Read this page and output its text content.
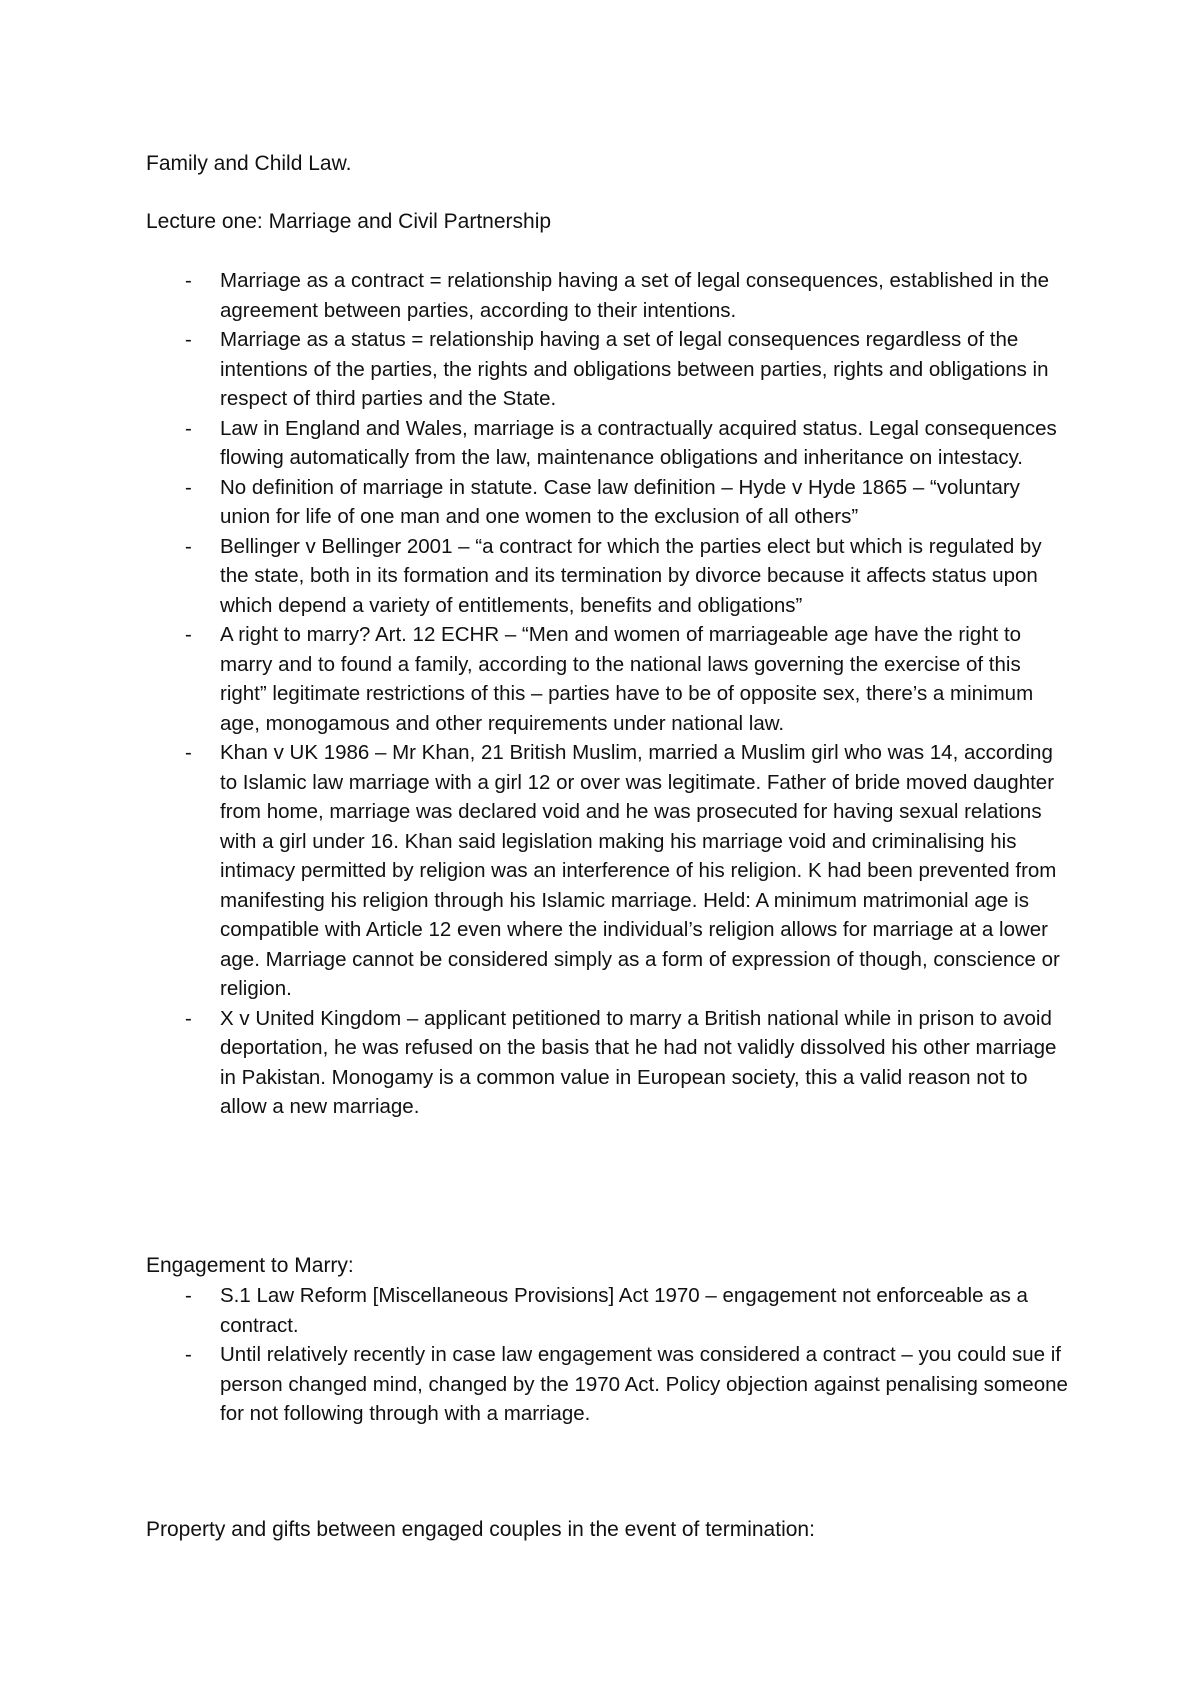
Family and Child Law.
Lecture one: Marriage and Civil Partnership
- Marriage as a contract = relationship having a set of legal consequences, established in the agreement between parties, according to their intentions.
- Marriage as a status = relationship having a set of legal consequences regardless of the intentions of the parties, the rights and obligations between parties, rights and obligations in respect of third parties and the State.
- Law in England and Wales, marriage is a contractually acquired status. Legal consequences flowing automatically from the law, maintenance obligations and inheritance on intestacy.
- No definition of marriage in statute. Case law definition – Hyde v Hyde 1865 – “voluntary union for life of one man and one women to the exclusion of all others”
- Bellinger v Bellinger 2001 – “a contract for which the parties elect but which is regulated by the state, both in its formation and its termination by divorce because it affects status upon which depend a variety of entitlements, benefits and obligations”
- A right to marry? Art. 12 ECHR – “Men and women of marriageable age have the right to marry and to found a family, according to the national laws governing the exercise of this right” legitimate restrictions of this – parties have to be of opposite sex, there’s a minimum age, monogamous and other requirements under national law.
- Khan v UK 1986 – Mr Khan, 21 British Muslim, married a Muslim girl who was 14, according to Islamic law marriage with a girl 12 or over was legitimate. Father of bride moved daughter from home, marriage was declared void and he was prosecuted for having sexual relations with a girl under 16. Khan said legislation making his marriage void and criminalising his intimacy permitted by religion was an interference of his religion. K had been prevented from manifesting his religion through his Islamic marriage. Held: A minimum matrimonial age is compatible with Article 12 even where the individual’s religion allows for marriage at a lower age. Marriage cannot be considered simply as a form of expression of though, conscience or religion.
- X v United Kingdom – applicant petitioned to marry a British national while in prison to avoid deportation, he was refused on the basis that he had not validly dissolved his other marriage in Pakistan. Monogamy is a common value in European society, this a valid reason not to allow a new marriage.
Engagement to Marry:
- S.1 Law Reform [Miscellaneous Provisions] Act 1970 – engagement not enforceable as a contract.
- Until relatively recently in case law engagement was considered a contract – you could sue if person changed mind, changed by the 1970 Act. Policy objection against penalising someone for not following through with a marriage.
Property and gifts between engaged couples in the event of termination:
